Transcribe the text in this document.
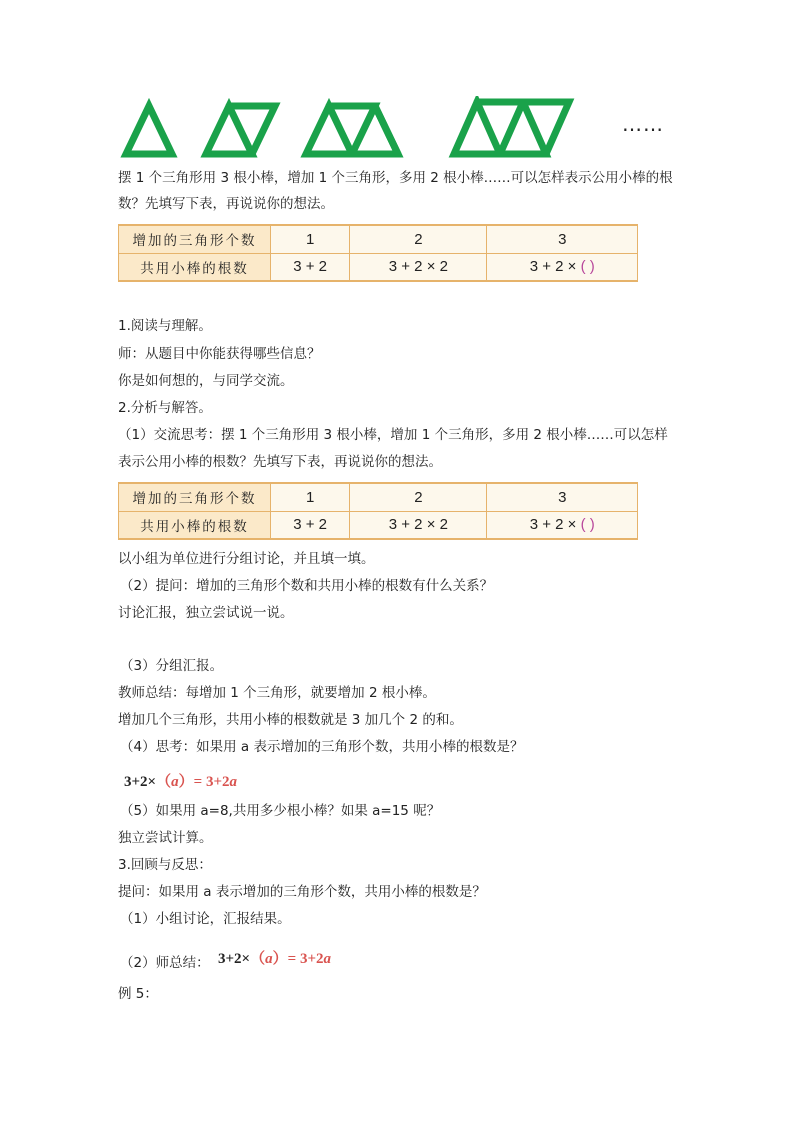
……
摆 1 个三角形用 3 根小棒，增加 1 个三角形，多用 2 根小棒……可以怎样表示公用小棒的根
数？先填写下表，再说说你的想法。
增加的三角形个数	1	2	3
共用小棒的根数	3 + 2	3 + 2 × 2	3 + 2 × ( )
1.阅读与理解。
师：从题目中你能获得哪些信息？
你是如何想的，与同学交流。
2.分析与解答。
（1）交流思考：摆 1 个三角形用 3 根小棒，增加 1 个三角形，多用 2 根小棒……可以怎样
表示公用小棒的根数？先填写下表，再说说你的想法。
增加的三角形个数	1	2	3
共用小棒的根数	3 + 2	3 + 2 × 2	3 + 2 × ( )
以小组为单位进行分组讨论，并且填一填。
（2）提问：增加的三角形个数和共用小棒的根数有什么关系？
讨论汇报，独立尝试说一说。
（3）分组汇报。
教师总结：每增加 1 个三角形，就要增加 2 根小棒。
增加几个三角形，共用小棒的根数就是 3 加几个 2 的和。
（4）思考：如果用 a 表示增加的三角形个数，共用小棒的根数是？
3+2×（a）= 3+2a
（5）如果用 a=8,共用多少根小棒？如果 a=15 呢？
独立尝试计算。
3.回顾与反思：
提问：如果用 a 表示增加的三角形个数，共用小棒的根数是？
（1）小组讨论，汇报结果。
（2）师总结： 3+2×（a）= 3+2a
例 5：
